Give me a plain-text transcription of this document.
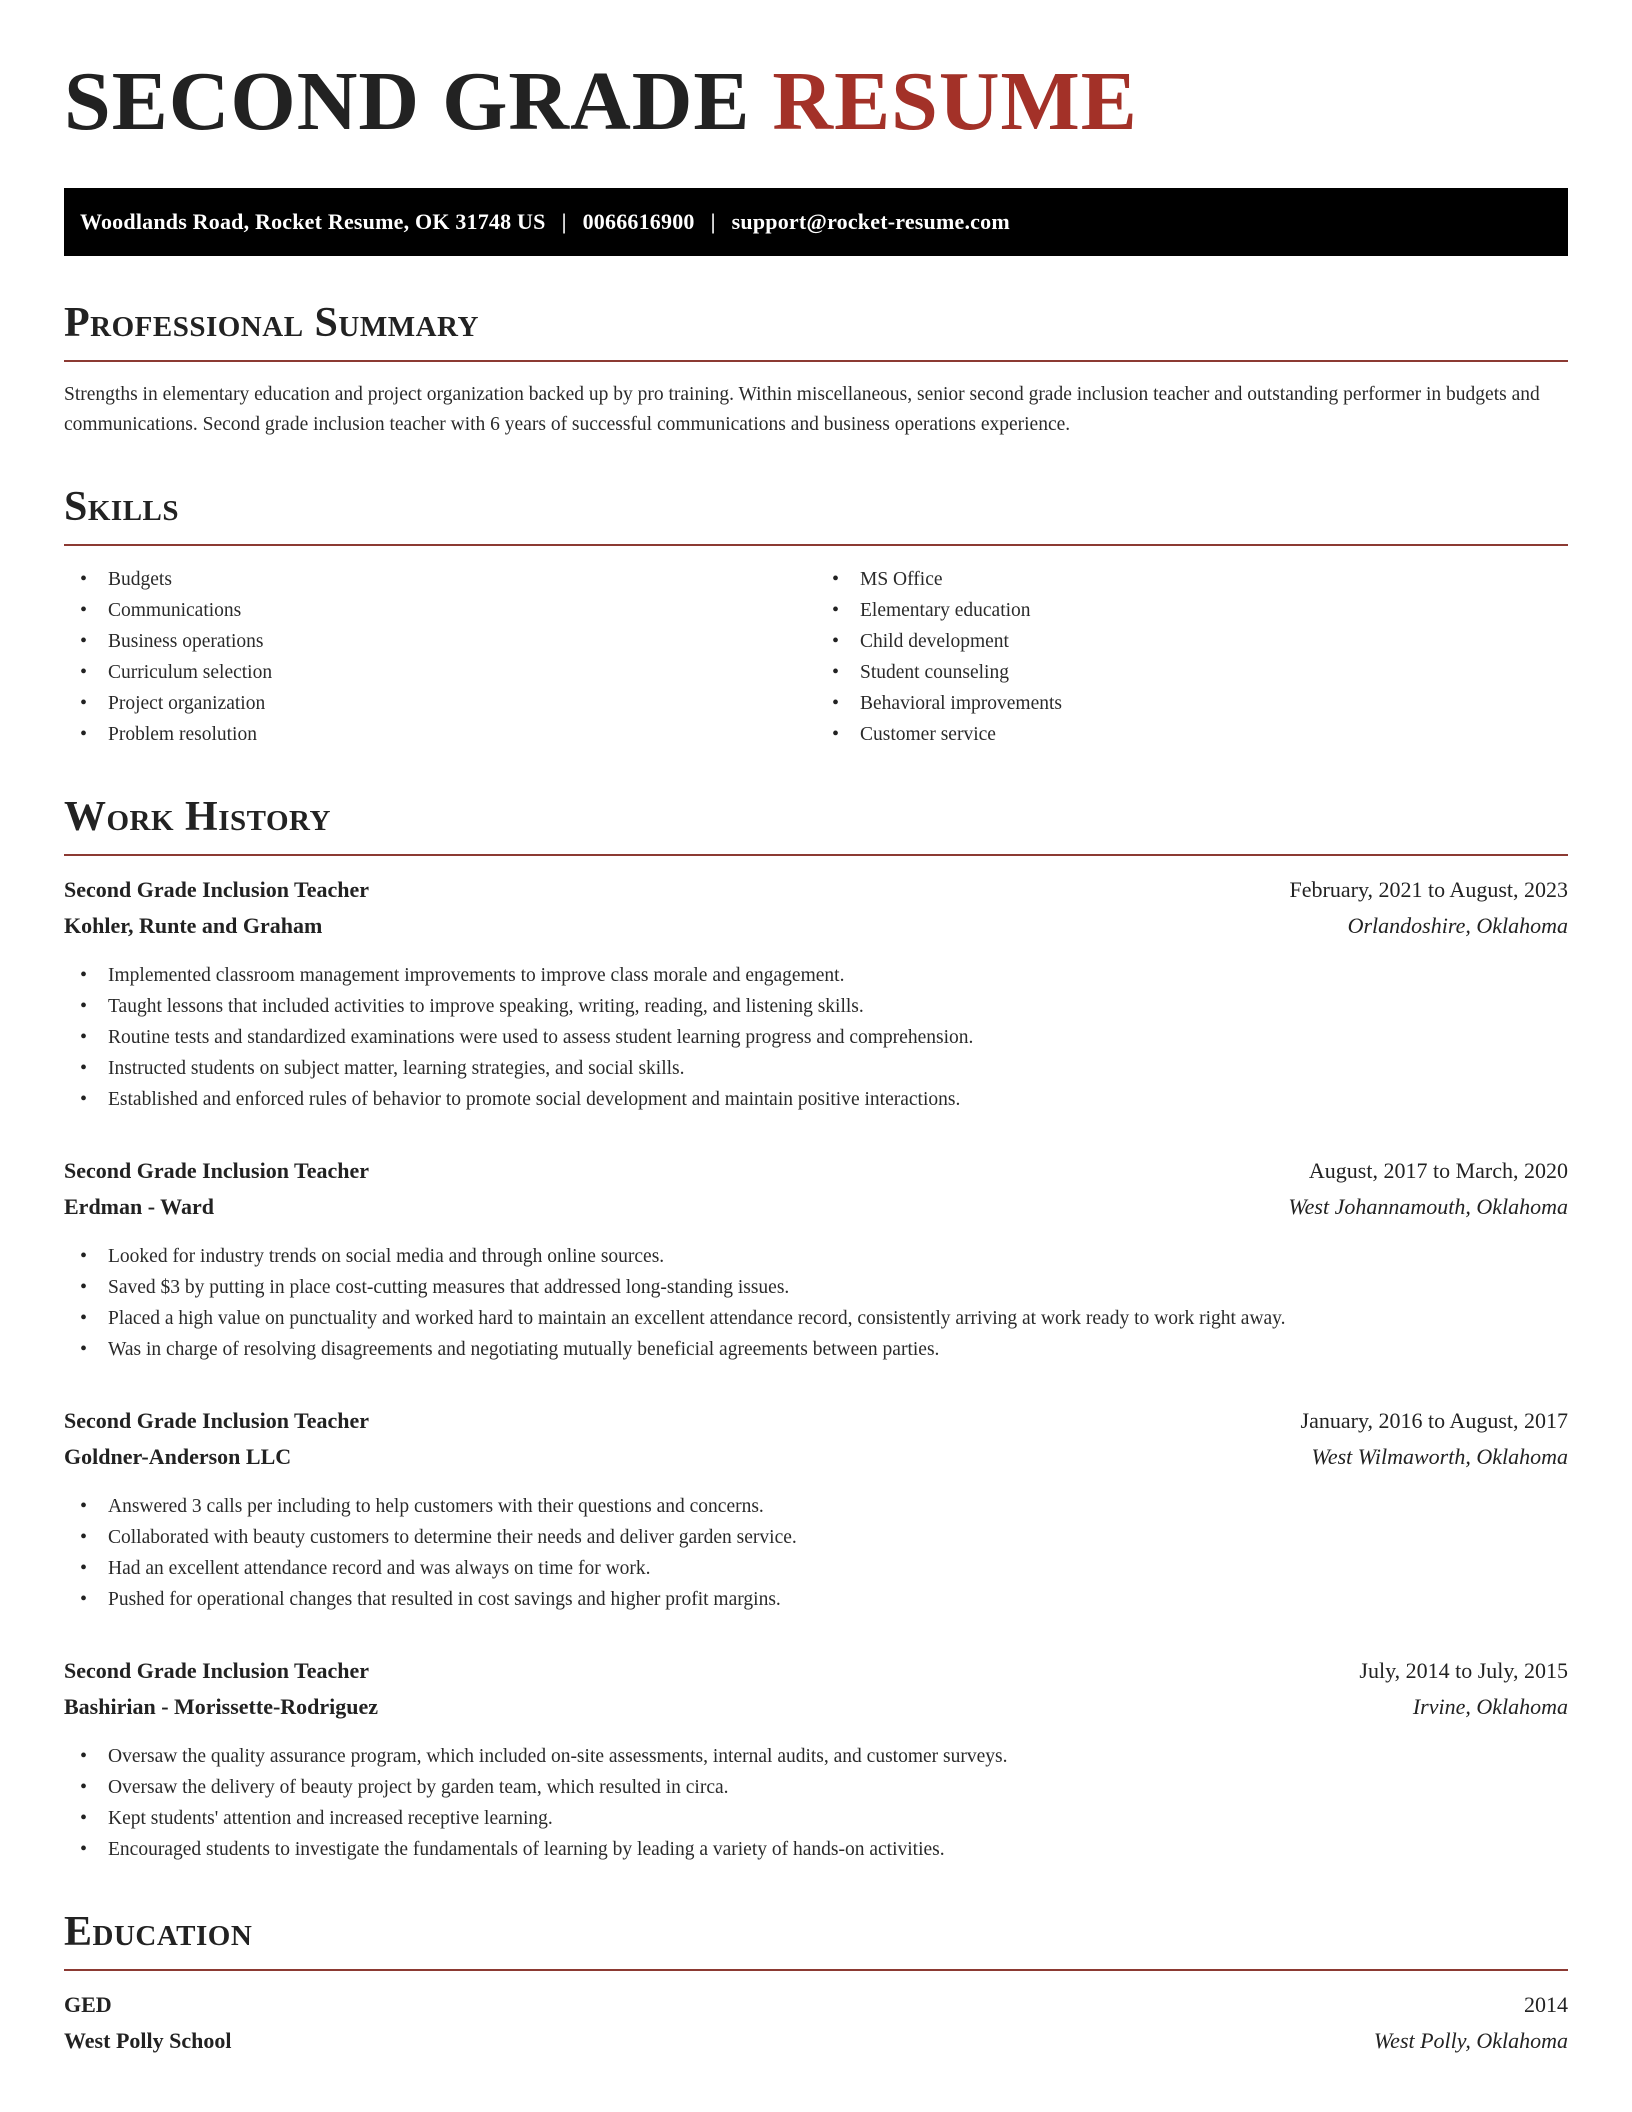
SECOND GRADE RESUME
Woodlands Road, Rocket Resume, OK 31748 US | 0066616900 | support@rocket-resume.com
Professional Summary
Strengths in elementary education and project organization backed up by pro training. Within miscellaneous, senior second grade inclusion teacher and outstanding performer in budgets and communications. Second grade inclusion teacher with 6 years of successful communications and business operations experience.
Skills
• Budgets
• Communications
• Business operations
• Curriculum selection
• Project organization
• Problem resolution
• MS Office
• Elementary education
• Child development
• Student counseling
• Behavioral improvements
• Customer service
Work History
Second Grade Inclusion Teacher	February, 2021 to August, 2023
Kohler, Runte and Graham	Orlandoshire, Oklahoma
• Implemented classroom management improvements to improve class morale and engagement.
• Taught lessons that included activities to improve speaking, writing, reading, and listening skills.
• Routine tests and standardized examinations were used to assess student learning progress and comprehension.
• Instructed students on subject matter, learning strategies, and social skills.
• Established and enforced rules of behavior to promote social development and maintain positive interactions.
Second Grade Inclusion Teacher	August, 2017 to March, 2020
Erdman - Ward	West Johannamouth, Oklahoma
• Looked for industry trends on social media and through online sources.
• Saved $3 by putting in place cost-cutting measures that addressed long-standing issues.
• Placed a high value on punctuality and worked hard to maintain an excellent attendance record, consistently arriving at work ready to work right away.
• Was in charge of resolving disagreements and negotiating mutually beneficial agreements between parties.
Second Grade Inclusion Teacher	January, 2016 to August, 2017
Goldner-Anderson LLC	West Wilmaworth, Oklahoma
• Answered 3 calls per including to help customers with their questions and concerns.
• Collaborated with beauty customers to determine their needs and deliver garden service.
• Had an excellent attendance record and was always on time for work.
• Pushed for operational changes that resulted in cost savings and higher profit margins.
Second Grade Inclusion Teacher	July, 2014 to July, 2015
Bashirian - Morissette-Rodriguez	Irvine, Oklahoma
• Oversaw the quality assurance program, which included on-site assessments, internal audits, and customer surveys.
• Oversaw the delivery of beauty project by garden team, which resulted in circa.
• Kept students' attention and increased receptive learning.
• Encouraged students to investigate the fundamentals of learning by leading a variety of hands-on activities.
Education
GED	2014
West Polly School	West Polly, Oklahoma
